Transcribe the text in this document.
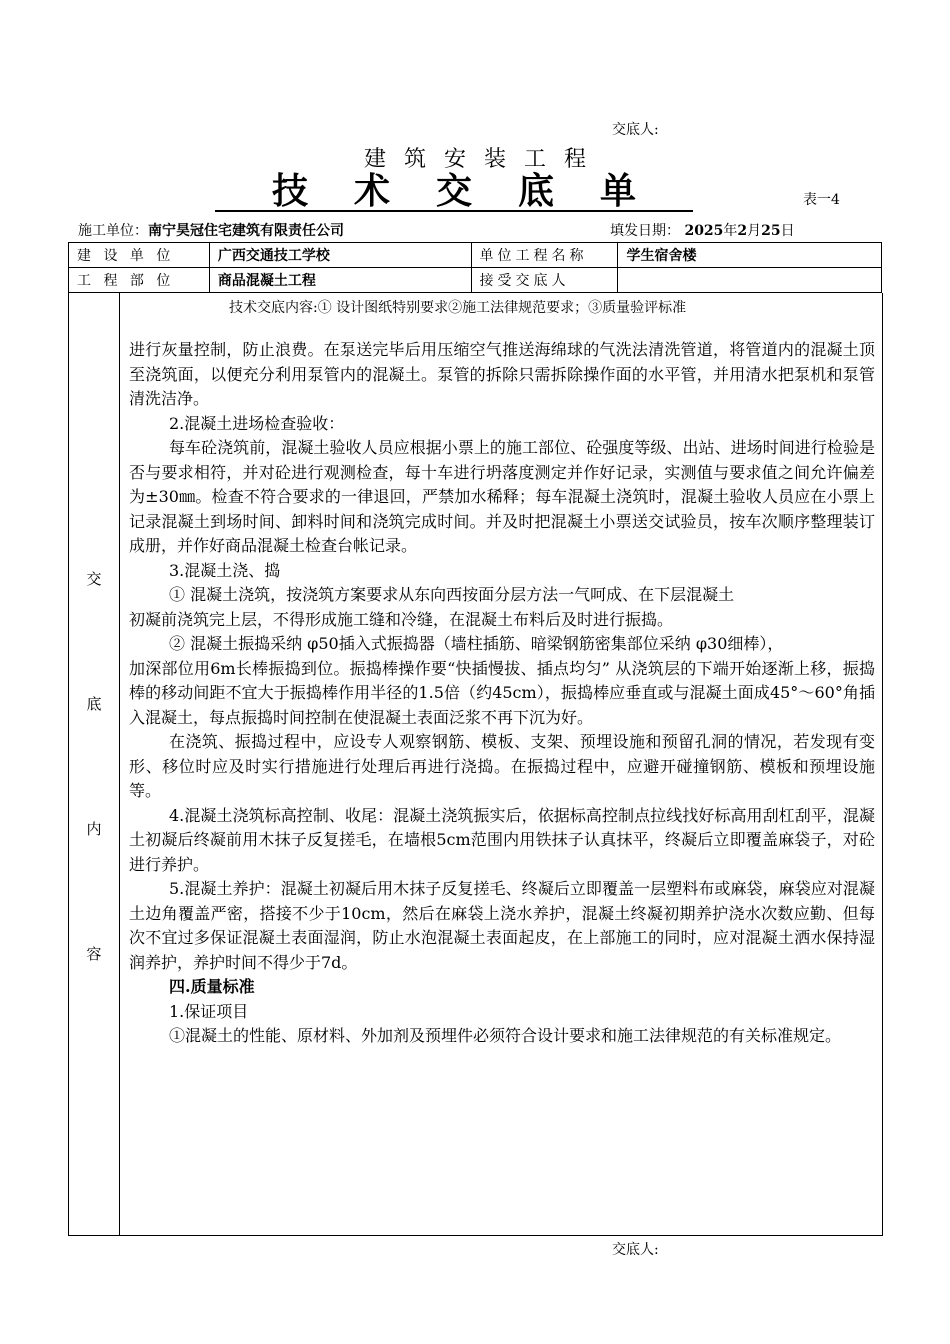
交底人:
建筑安装工程
技术交底单	表一4
施工单位：南宁昊冠住宅建筑有限责任公司	填发日期： 2025年2月25日
建 设 单 位	广西交通技工学校	单位工程名称	学生宿舍楼
工 程 部 位	商品混凝土工程	接受交底人	
交
底
内
容
技术交底内容:① 设计图纸特别要求②施工法律规范要求；③质量验评标准

进行灰量控制，防止浪费。在泵送完毕后用压缩空气推送海绵球的气洗法清洗管道，将管道内的混凝土顶至浇筑面，以便充分利用泵管内的混凝土。泵管的拆除只需拆除操作面的水平管，并用清水把泵机和泵管清洗洁净。

2.混凝土进场检查验收：

每车砼浇筑前，混凝土验收人员应根据小票上的施工部位、砼强度等级、出站、进场时间进行检验是否与要求相符，并对砼进行观测检查，每十车进行坍落度测定并作好记录，实测值与要求值之间允许偏差为±30㎜。检查不符合要求的一律退回，严禁加水稀释；每车混凝土浇筑时，混凝土验收人员应在小票上记录混凝土到场时间、卸料时间和浇筑完成时间。并及时把混凝土小票送交试验员，按车次顺序整理装订成册，并作好商品混凝土检查台帐记录。

3.混凝土浇、捣

① 混凝土浇筑，按浇筑方案要求从东向西按面分层方法一气呵成、在下层混凝土

初凝前浇筑完上层，不得形成施工缝和冷缝，在混凝土布料后及时进行振捣。

② 混凝土振捣采纳 φ50插入式振捣器（墙柱插筋、暗梁钢筋密集部位采纳 φ30细棒），

加深部位用6m长棒振捣到位。振捣棒操作要“快插慢拔、插点均匀” 从浇筑层的下端开始逐渐上移，振捣棒的移动间距不宜大于振捣棒作用半径的1.5倍（约45cm），振捣棒应垂直或与混凝土面成45°～60°角插入混凝土，每点振捣时间控制在使混凝土表面泛浆不再下沉为好。

在浇筑、振捣过程中，应设专人观察钢筋、模板、支架、预埋设施和预留孔洞的情况，若发现有变形、移位时应及时实行措施进行处理后再进行浇捣。在振捣过程中，应避开碰撞钢筋、模板和预埋设施等。

4.混凝土浇筑标高控制、收尾：混凝土浇筑振实后，依据标高控制点拉线找好标高用刮杠刮平，混凝土初凝后终凝前用木抹子反复搓毛，在墙根5cm范围内用铁抹子认真抹平，终凝后立即覆盖麻袋子，对砼进行养护。

5.混凝土养护：混凝土初凝后用木抹子反复搓毛、终凝后立即覆盖一层塑料布或麻袋，麻袋应对混凝土边角覆盖严密，搭接不少于10cm，然后在麻袋上浇水养护，混凝土终凝初期养护浇水次数应勤、但每次不宜过多保证混凝土表面湿润，防止水泡混凝土表面起皮，在上部施工的同时，应对混凝土洒水保持湿润养护，养护时间不得少于7d。

四.质量标准

1.保证项目

①混凝土的性能、原材料、外加剂及预埋件必须符合设计要求和施工法律规范的有关标准规定。

交底人:
